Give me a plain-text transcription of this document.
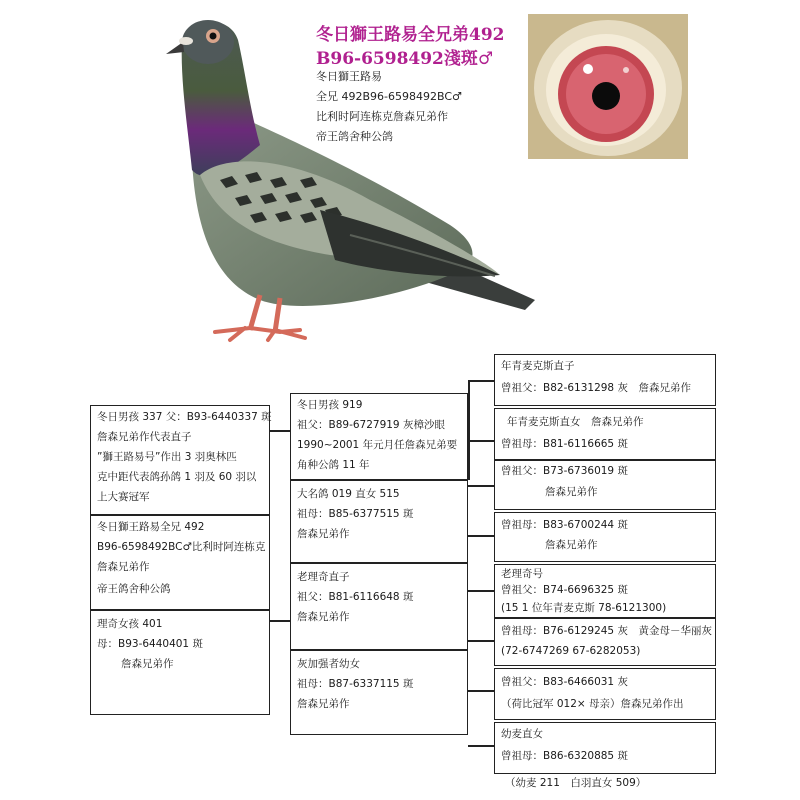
冬日獅王路易全兄弟492
B96-6598492淺斑♂
冬日獅王路易
全兄 492B96-6598492BC♂
比利时阿连栋克詹森兄弟作
帝王鸽舍种公鸽
冬日男孩 337 父：B93-6440337 斑
詹森兄弟作代表直子
”獅王路易号”作出 3 羽奥林匹
克中距代表鸽孙鸽 1 羽及 60 羽以
上大赛冠军
冬日獅王路易全兄 492
B96-6598492BC♂比利时阿连栋克
詹森兄弟作
帝王鸽舍种公鸽
理奇女孩 401
母：B93-6440401 斑
詹森兄弟作
冬日男孩 919
祖父：B89-6727919 灰樟沙眼
1990~2001 年元月任詹森兄弟要
角种公鸽 11 年
大名鸽 019 直女 515
祖母：B85-6377515 斑
詹森兄弟作
老理奇直子
祖父：B81-6116648 斑
詹森兄弟作
灰加强者幼女
祖母：B87-6337115 斑
詹森兄弟作
年青麦克斯直子
曾祖父：B82-6131298 灰　詹森兄弟作
年青麦克斯直女　詹森兄弟作
曾祖母：B81-6116665 斑
曾祖父：B73-6736019 斑
詹森兄弟作
曾祖母：B83-6700244 斑
詹森兄弟作
老理奇号
曾祖父：B74-6696325 斑
(15 1 位年青麦克斯 78-6121300)
曾祖母：B76-6129245 灰　黄金母－华丽灰
(72-6747269 67-6282053)
曾祖父：B83-6466031 灰
（荷比冠军 012× 母亲）詹森兄弟作出
幼麦直女
曾祖母：B86-6320885 斑
（幼麦 211　白羽直女 509）
